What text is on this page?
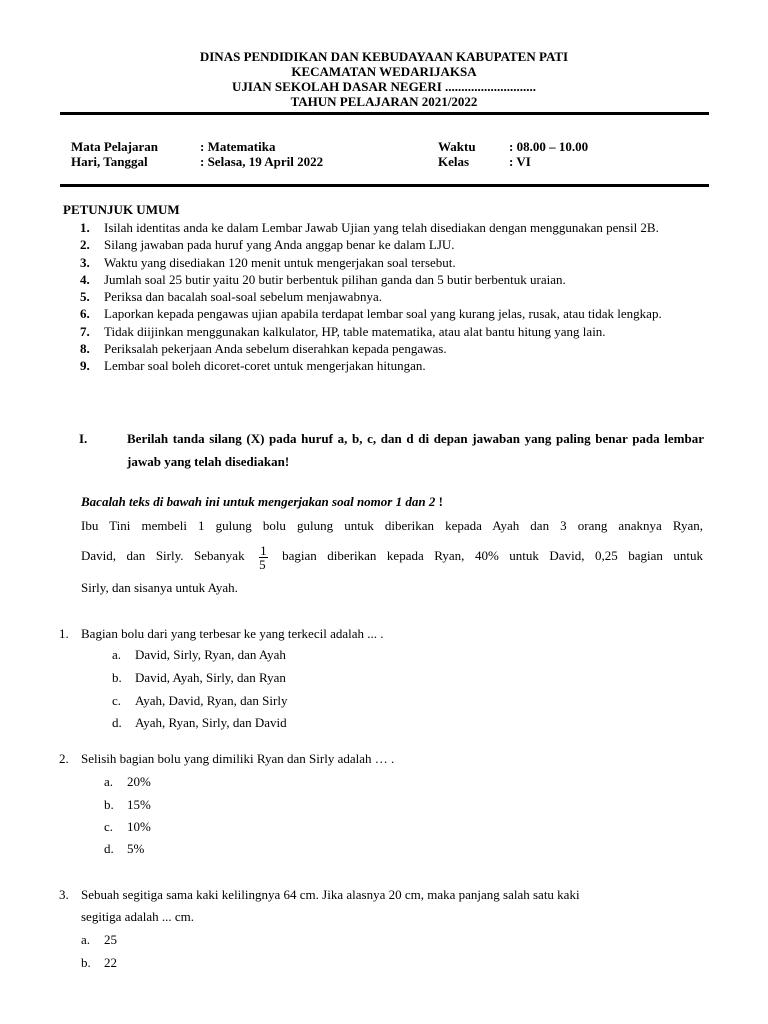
DINAS PENDIDIKAN DAN KEBUDAYAAN KABUPATEN PATI
KECAMATAN WEDARIJAKSA
UJIAN SEKOLAH DASAR NEGERI ............................
TAHUN PELAJARAN 2021/2022
Mata Pelajaran	: Matematika
Hari, Tanggal	: Selasa, 19 April 2022
Waktu	: 08.00 – 10.00
Kelas	: VI
PETUNJUK UMUM
1. Isilah identitas anda ke dalam Lembar Jawab Ujian yang telah disediakan dengan menggunakan pensil 2B.
2. Silang jawaban pada huruf yang Anda anggap benar ke dalam LJU.
3. Waktu yang disediakan 120 menit untuk mengerjakan soal tersebut.
4. Jumlah soal 25 butir yaitu 20 butir berbentuk pilihan ganda dan 5 butir berbentuk uraian.
5. Periksa dan bacalah soal-soal sebelum menjawabnya.
6. Laporkan kepada pengawas ujian apabila terdapat lembar soal yang kurang jelas, rusak, atau tidak lengkap.
7. Tidak diijinkan menggunakan kalkulator, HP, table matematika, atau alat bantu hitung yang lain.
8. Periksalah pekerjaan Anda sebelum diserahkan kepada pengawas.
9. Lembar soal boleh dicoret-coret untuk mengerjakan hitungan.
I.	Berilah tanda silang (X) pada huruf a, b, c, dan d di depan jawaban yang paling benar pada lembar jawab yang telah disediakan!
Bacalah teks di bawah ini untuk mengerjakan soal nomor 1 dan 2 !
Ibu Tini membeli 1 gulung bolu gulung untuk diberikan kepada Ayah dan 3 orang anaknya Ryan,
David, dan Sirly. Sebanyak $\frac{1}{5}$ bagian diberikan kepada Ryan, 40% untuk David, 0,25 bagian untuk
Sirly, dan sisanya untuk Ayah.
1. Bagian bolu dari yang terbesar ke yang terkecil adalah ... .
a. David, Sirly, Ryan, dan Ayah
b. David, Ayah, Sirly, dan Ryan
c. Ayah, David, Ryan, dan Sirly
d. Ayah, Ryan, Sirly, dan David
2. Selisih bagian bolu yang dimiliki Ryan dan Sirly adalah … .
a. 20%
b. 15%
c. 10%
d. 5%
3. Sebuah segitiga sama kaki kelilingnya 64 cm. Jika alasnya 20 cm, maka panjang salah satu kaki
segitiga adalah ... cm.
a. 25
b. 22
